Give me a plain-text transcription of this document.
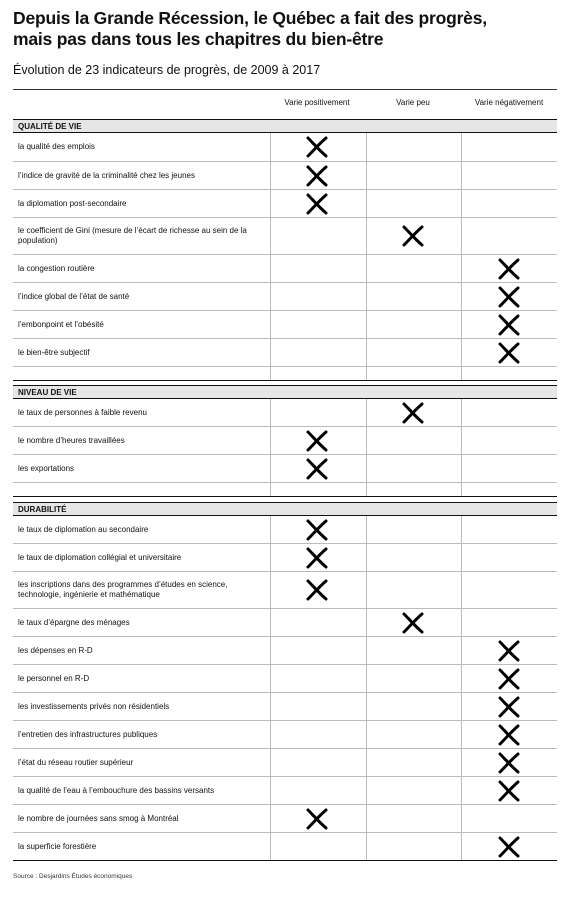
Depuis la Grande Récession, le Québec a fait des progrès,
mais pas dans tous les chapitres du bien-être
Évolution de 23 indicateurs de progrès, de 2009 à 2017
QUALITÉ DE VIE
la qualité des emplois
l’indice de gravité de la criminalité chez les jeunes
la diplomation post-secondaire
le coefficient de Gini (mesure de l’écart de richesse au sein de la population)
la congestion routière
l’indice global de l’état de santé
l’embonpoint et l’obésité
le bien-être subjectif
NIVEAU DE VIE
le taux de personnes à faible revenu
le nombre d’heures travaillées
les exportations
DURABILITÉ
le taux de diplomation au secondaire
le taux de diplomation collégial et universitaire
les inscriptions dans des programmes d’études en science, technologie, ingénierie et mathématique
le taux d’épargne des ménages
les dépenses en R-D
le personnel en R-D
les investissements privés non résidentiels
l’entretien des infrastructures publiques
l’état du réseau routier supérieur
la qualité de l’eau à l’embouchure des bassins versants
le nombre de journées sans smog à Montréal
la superficie forestière
Source : Desjardins Études économiques
Varie positivement	Varie peu	Varie négativement
